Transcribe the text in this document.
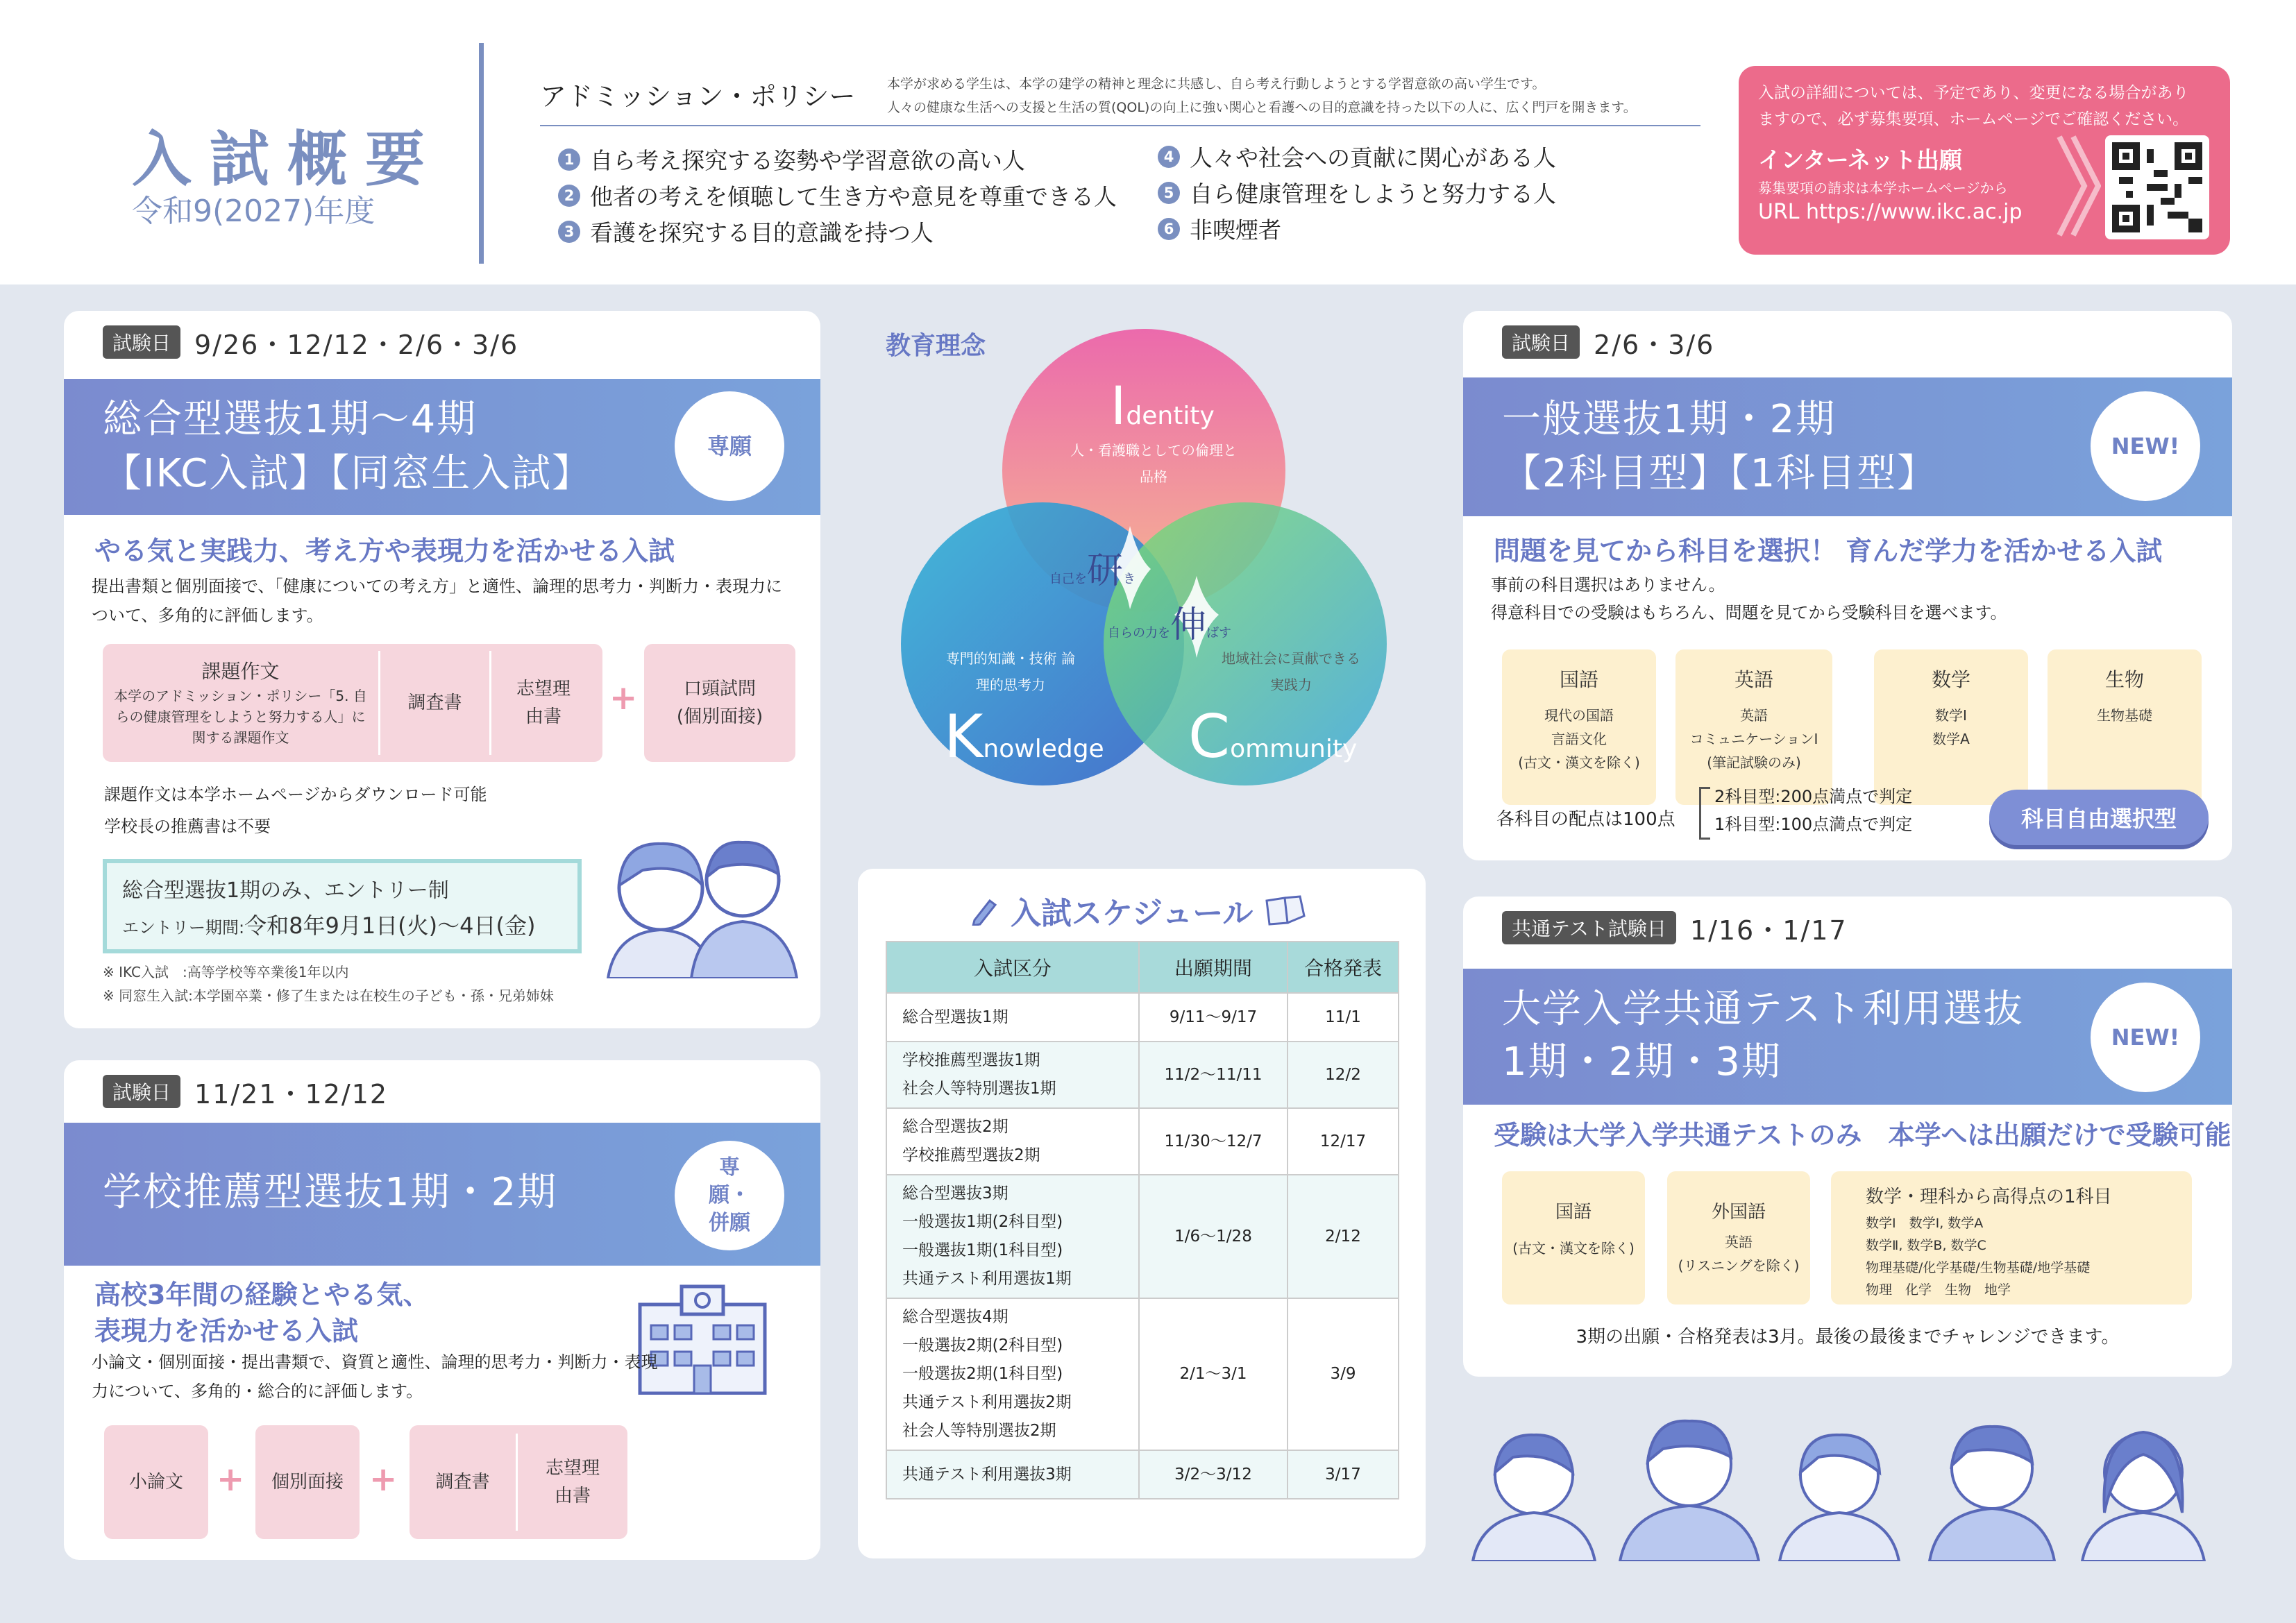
入試概要
令和9(2027)年度
アドミッション・ポリシー 本学が求める学生は、本学の建学の精神と理念に共感し、自ら考え行動しようとする学習意欲の高い学生です。
人々の健康な生活への支援と生活の質(QOL)の向上に強い関心と看護への目的意識を持った以下の人に、広く門戸を開きます。
1 自ら考え探究する姿勢や学習意欲の高い人
2 他者の考えを傾聴して生き方や意見を尊重できる人
3 看護を探究する目的意識を持つ人
4 人々や社会への貢献に関心がある人
5 自ら健康管理をしようと努力する人
6 非喫煙者
入試の詳細については、予定であり、変更になる場合がありますので、必ず募集要項、ホームページでご確認ください。
インターネット出願
募集要項の請求は本学ホームページから
URL https://www.ikc.ac.jp
試験日 9/26・12/12・2/6・3/6
総合型選抜1期〜4期
【IKC入試】【同窓生入試】
専願
やる気と実践力、考え方や表現力を活かせる入試
提出書類と個別面接で、「健康についての考え方」と適性、論理的思考力・判断力・表現力について、多角的に評価します。
課題作文
本学のアドミッション・ポリシー「5. 自らの健康管理をしようと努力する人」に関する課題作文
調査書
志望理由書	+	口頭試問(個別面接)
課題作文は本学ホームページからダウンロード可能
学校長の推薦書は不要
総合型選抜1期のみ、エントリー制
エントリー期間:令和8年9月1日(火)〜4日(金)
※ IKC入試　:高等学校等卒業後1年以内
※ 同窓生入試:本学園卒業・修了生または在校生の子ども・孫・兄弟姉妹
試験日 11/21・12/12
学校推薦型選抜1期・2期
専願・併願
高校3年間の経験とやる気、
表現力を活かせる入試
小論文・個別面接・提出書類で、資質と適性、論理的思考力・判断力・表現力について、多角的・総合的に評価します。
小論文	+	個別面接 +	調査書
志望理由書
教育理念
Identity
人・看護職としての倫理と品格
専門的知識・技術 論理的思考力
Knowledge
地域社会に貢献できる実践力
Community
自己を研き
自らの力を伸ばす
入試スケジュール
入試区分	出願期間	合格発表

総合型選抜1期	9/11〜9/17	11/1

学校推薦型選抜1期
社会人等特別選抜1期	11/2〜11/11	12/2

総合型選抜2期
学校推薦型選抜2期	11/30〜12/7	12/17

総合型選抜3期
一般選抜1期(2科目型)
一般選抜1期(1科目型)
共通テスト利用選抜1期	1/6〜1/28	2/12

総合型選抜4期
一般選抜2期(2科目型)
一般選抜2期(1科目型)
共通テスト利用選抜2期
社会人等特別選抜2期	2/1〜3/1	3/9

共通テスト利用選抜3期	3/2〜3/12	3/17
試験日 2/6・3/6
一般選抜1期・2期
【2科目型】【1科目型】
NEW!
問題を見てから科目を選択！ 育んだ学力を活かせる入試
事前の科目選択はありません。
得意科目での受験はもちろん、問題を見てから受験科目を選べます。
国語
現代の国語
言語文化
(古文・漢文を除く)
英語
英語
コミュニケーションⅠ
(筆記試験のみ)
数学
数学Ⅰ
数学A
生物
生物基礎
各科目の配点は100点
2科目型:200点満点で判定
1科目型:100点満点で判定	科目自由選択型
共通テスト試験日 1/16・1/17
大学入学共通テスト利用選抜
1期・2期・3期
NEW!
受験は大学入学共通テストのみ　本学へは出願だけで受験可能
国語
(古文・漢文を除く)
外国語
英語
(リスニングを除く)
数学・理科から高得点の1科目
数学Ⅰ　数学Ⅰ, 数学A
数学Ⅱ, 数学B, 数学C
物理基礎/化学基礎/生物基礎/地学基礎
物理　化学　生物　地学
3期の出願・合格発表は3月。最後の最後までチャレンジできます。
